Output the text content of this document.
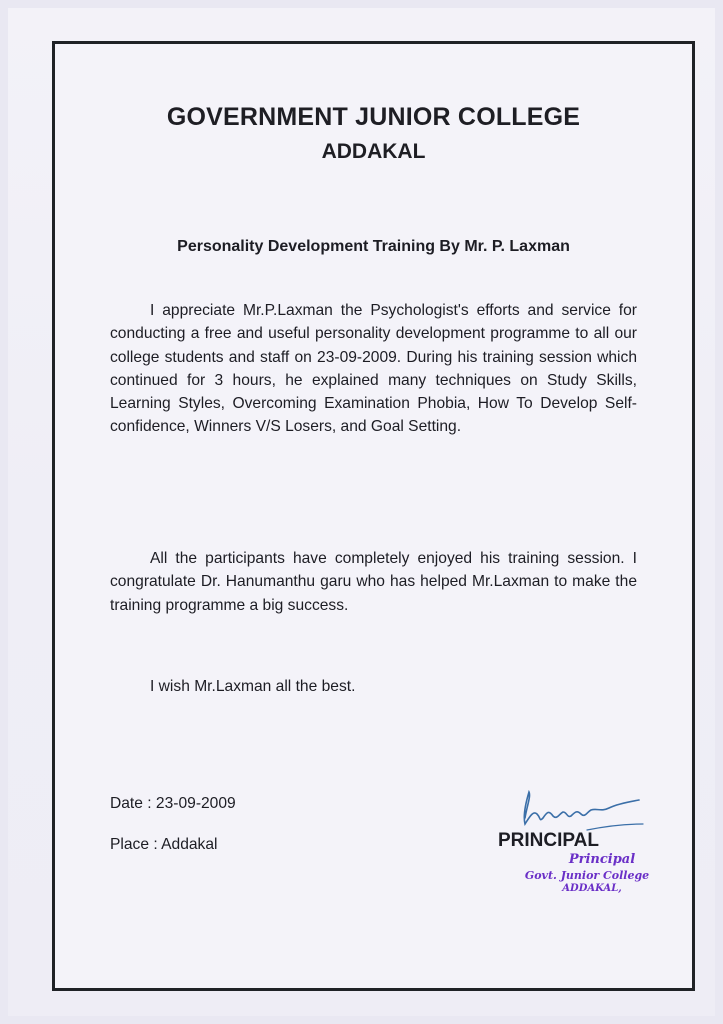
GOVERNMENT JUNIOR COLLEGE
ADDAKAL

Personality Development Training By Mr. P. Laxman

I appreciate Mr.P.Laxman the Psychologist's efforts and service for conducting a free and useful personality development programme to all our college students and staff on 23-09-2009. During his training session which continued for 3 hours, he explained many techniques on Study Skills, Learning Styles, Overcoming Examination Phobia, How To Develop Self-confidence, Winners V/S Losers, and Goal Setting.

All the participants have completely enjoyed his training session. I congratulate Dr. Hanumanthu garu who has helped Mr.Laxman to make the training programme a big success.

I wish Mr.Laxman all the best.

Date : 23-09-2009

Place : Addakal	PRINCIPAL

Principal
Govt. Junior College
ADDAKAL,
